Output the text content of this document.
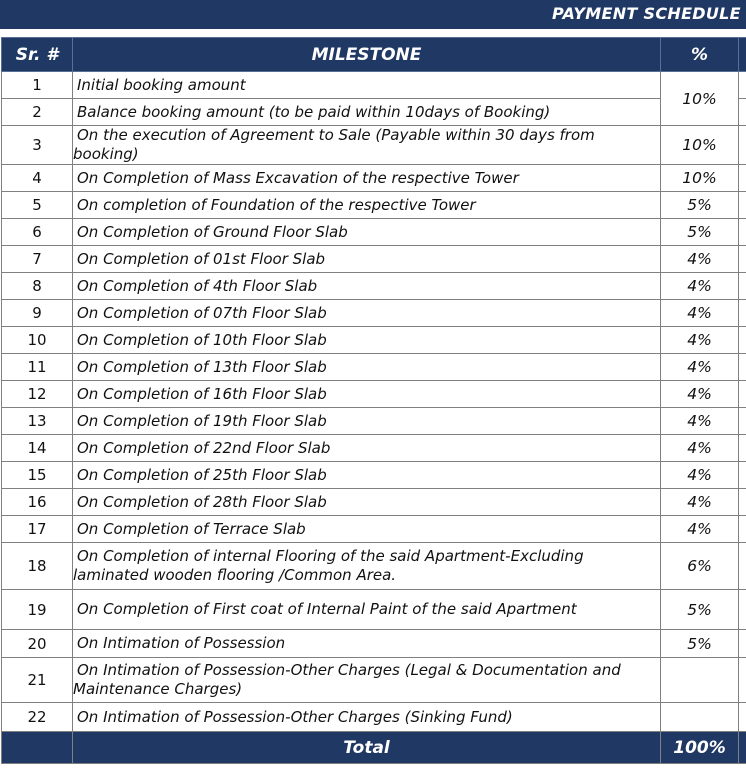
PAYMENT SCHEDULE
Sr. #	MILESTONE	%	
1	Initial booking amount	10%	
2	Balance booking amount (to be paid within 10days of Booking)		

3	On the execution of Agreement to Sale (Payable within 30 days from
booking)	10%	
4	On Completion of Mass Excavation of the respective Tower	10%	
5	On completion of Foundation of the respective Tower	5%	
6	On Completion of Ground Floor Slab	5%	
7	On Completion of 01st Floor Slab	4%	
8	On Completion of 4th Floor Slab	4%	
9	On Completion of 07th Floor Slab	4%	
10	On Completion of 10th Floor Slab	4%	
11	On Completion of 13th Floor Slab	4%	
12	On Completion of 16th Floor Slab	4%	
13	On Completion of 19th Floor Slab	4%	
14	On Completion of 22nd Floor Slab	4%	
15	On Completion of 25th Floor Slab	4%	
16	On Completion of 28th Floor Slab	4%	
17	On Completion of Terrace Slab	4%	
18	On Completion of internal Flooring of the said Apartment-Excluding
laminated wooden flooring /Common Area.	6%	
19	On Completion of First coat of Internal Paint of the said Apartment	5%	
20	On Intimation of Possession	5%	
21	On Intimation of Possession-Other Charges (Legal & Documentation and
Maintenance Charges)		
22	On Intimation of Possession-Other Charges (Sinking Fund)		

	Total	100%	
